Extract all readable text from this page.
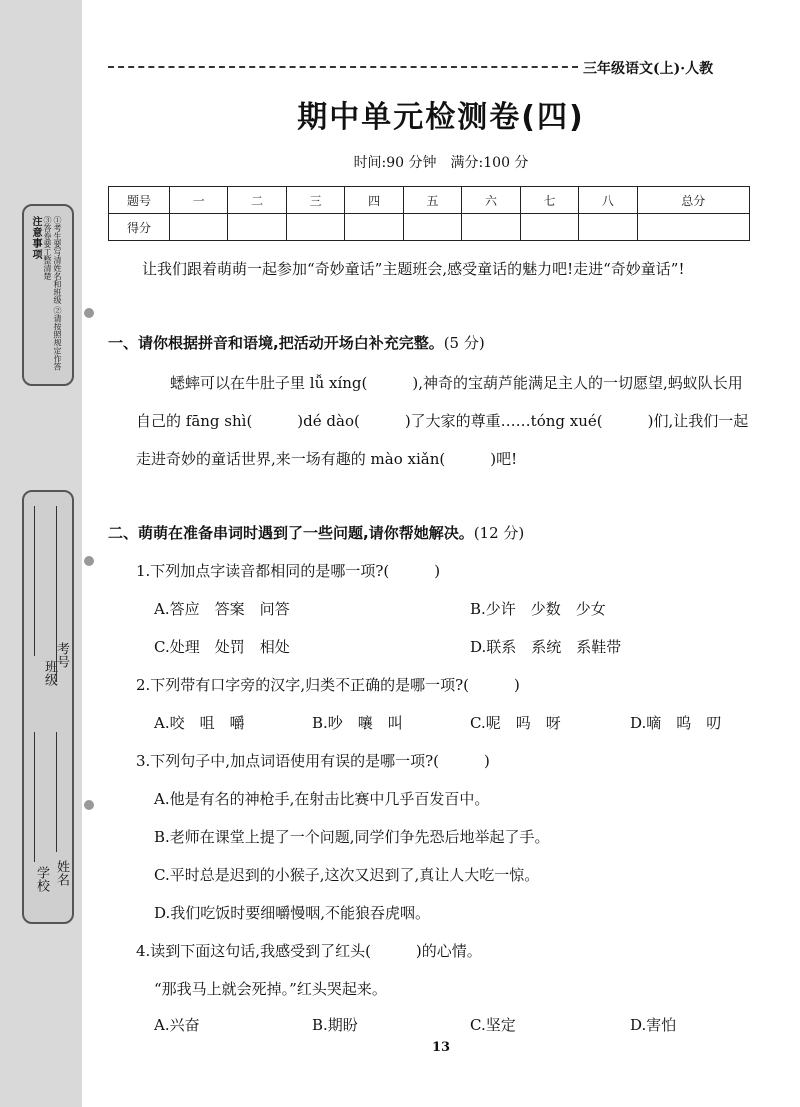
注意事项	①考生要写清姓名和班级 ②请按照规定作答 ③答卷要工整清楚
班级
考号
学校 姓名
三年级语文(上)·人教
期中单元检测卷(四)
时间:90 分钟　满分:100 分
题号	一	二	三	四	五	六	七	八	总分
得分									
让我们跟着萌萌一起参加“奇妙童话”主题班会,感受童话的魅力吧!走进“奇妙童话”!
一、请你根据拼音和语境,把活动开场白补充完整。(5 分)
蟋蟀可以在牛肚子里 lǚ xíng(　　　),神奇的宝葫芦能满足主人的一切愿望,蚂蚁队长用自己的 fāng shì(　　　)dé dào(　　　)了大家的尊重……tóng xué(　　　)们,让我们一起走进奇妙的童话世界,来一场有趣的 mào xiǎn(　　　)吧!
二、萌萌在准备串词时遇到了一些问题,请你帮她解决。(12 分)
1.下列加点字读音都相同的是哪一项?(　　　)
A.答应　答案　问答	B.少许　少数　少女
C.处理　处罚　相处	D.联系　系统　系鞋带
2.下列带有口字旁的汉字,归类不正确的是哪一项?(　　　)
A.咬　咀　嚼	B.吵　嚷　叫	C.呢　吗　呀	D.嘀　呜　叨
3.下列句子中,加点词语使用有误的是哪一项?(　　　)
A.他是有名的神枪手,在射击比赛中几乎百发百中。
B.老师在课堂上提了一个问题,同学们争先恐后地举起了手。
C.平时总是迟到的小猴子,这次又迟到了,真让人大吃一惊。
D.我们吃饭时要细嚼慢咽,不能狼吞虎咽。
4.读到下面这句话,我感受到了红头(　　　)的心情。
“那我马上就会死掉。”红头哭起来。
A.兴奋	B.期盼	C.坚定	D.害怕
13
